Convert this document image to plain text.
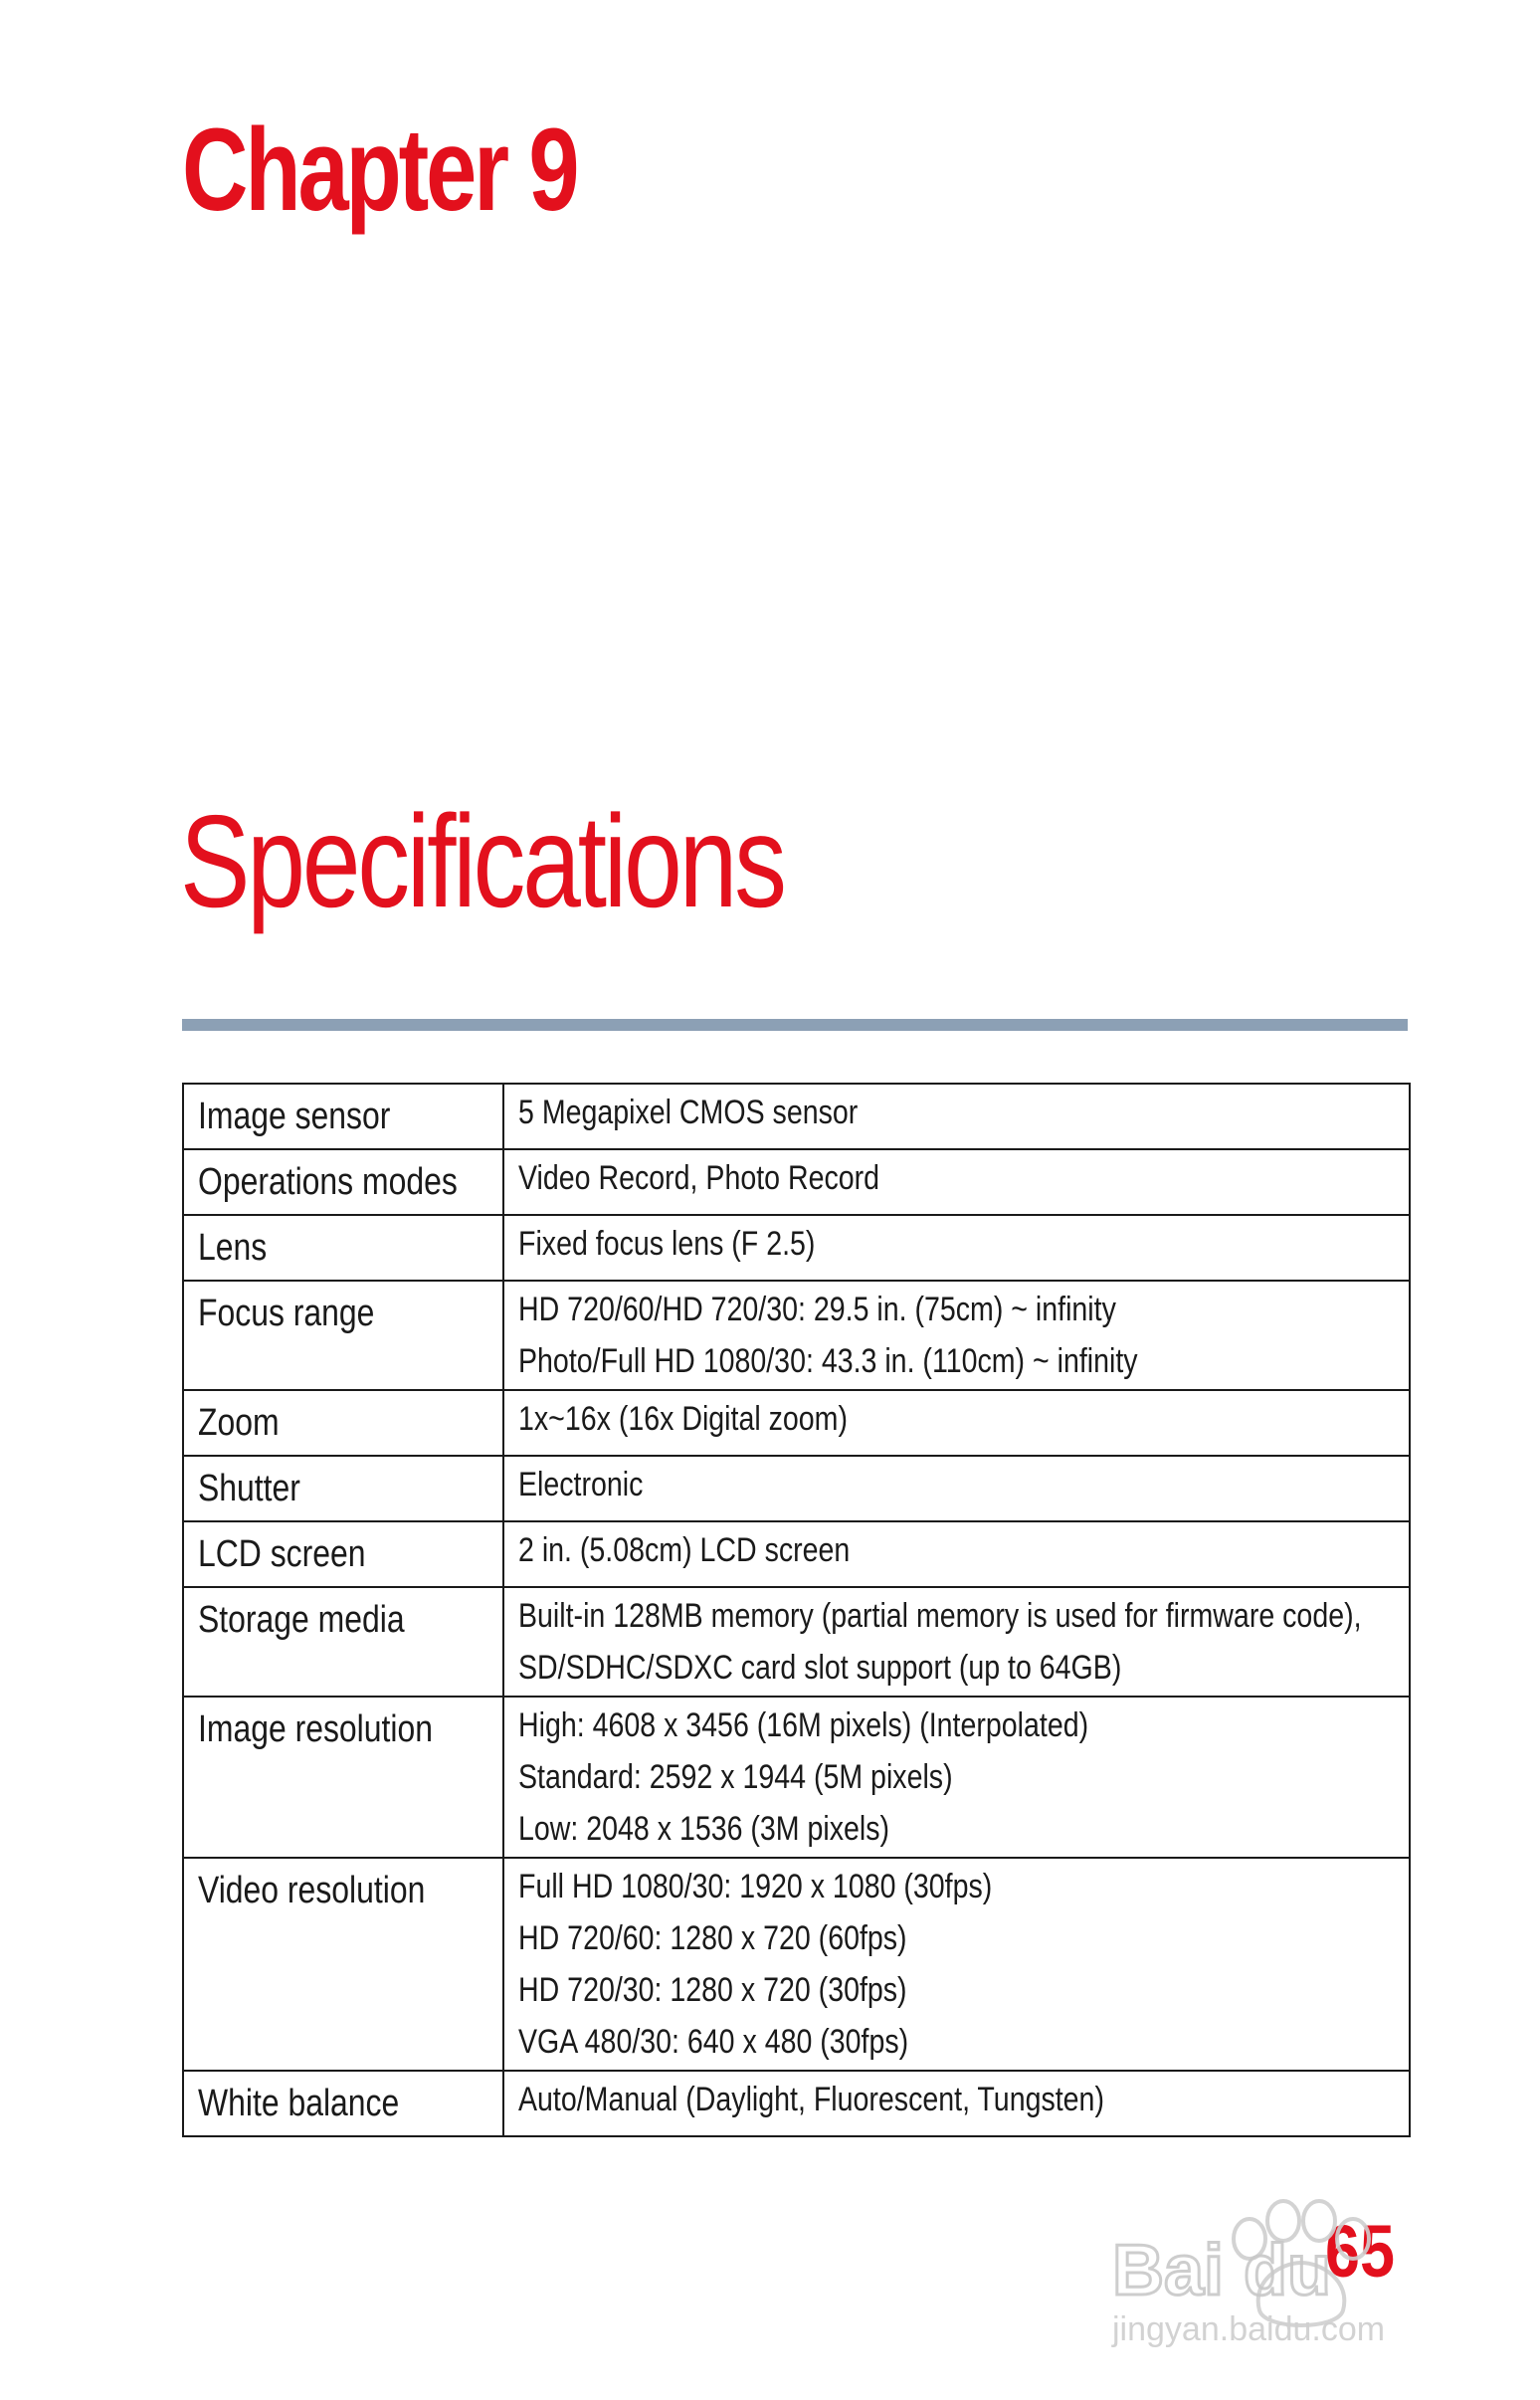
Chapter 9
Specifications
Image sensor	5 Megapixel CMOS sensor

Operations modes	Video Record, Photo Record

Lens	Fixed focus lens (F 2.5)

Focus range	HD 720/60/HD 720/30: 29.5 in. (75cm) ~ infinity
Photo/Full HD 1080/30: 43.3 in. (110cm) ~ infinity

Zoom	1x~16x (16x Digital zoom)

Shutter	Electronic

LCD screen	2 in. (5.08cm) LCD screen

Storage media	Built-in 128MB memory (partial memory is used for firmware code),
SD/SDHC/SDXC card slot support (up to 64GB)

Image resolution	High: 4608 x 3456 (16M pixels) (Interpolated)
Standard: 2592 x 1944 (5M pixels)
Low: 2048 x 1536 (3M pixels)

Video resolution	Full HD 1080/30: 1920 x 1080 (30fps)
HD 720/60: 1280 x 720 (60fps)
HD 720/30: 1280 x 720 (30fps)
VGA 480/30: 640 x 480 (30fps)

White balance	Auto/Manual (Daylight, Fluorescent, Tungsten)
65
Bai du
jingyan.baidu.com
